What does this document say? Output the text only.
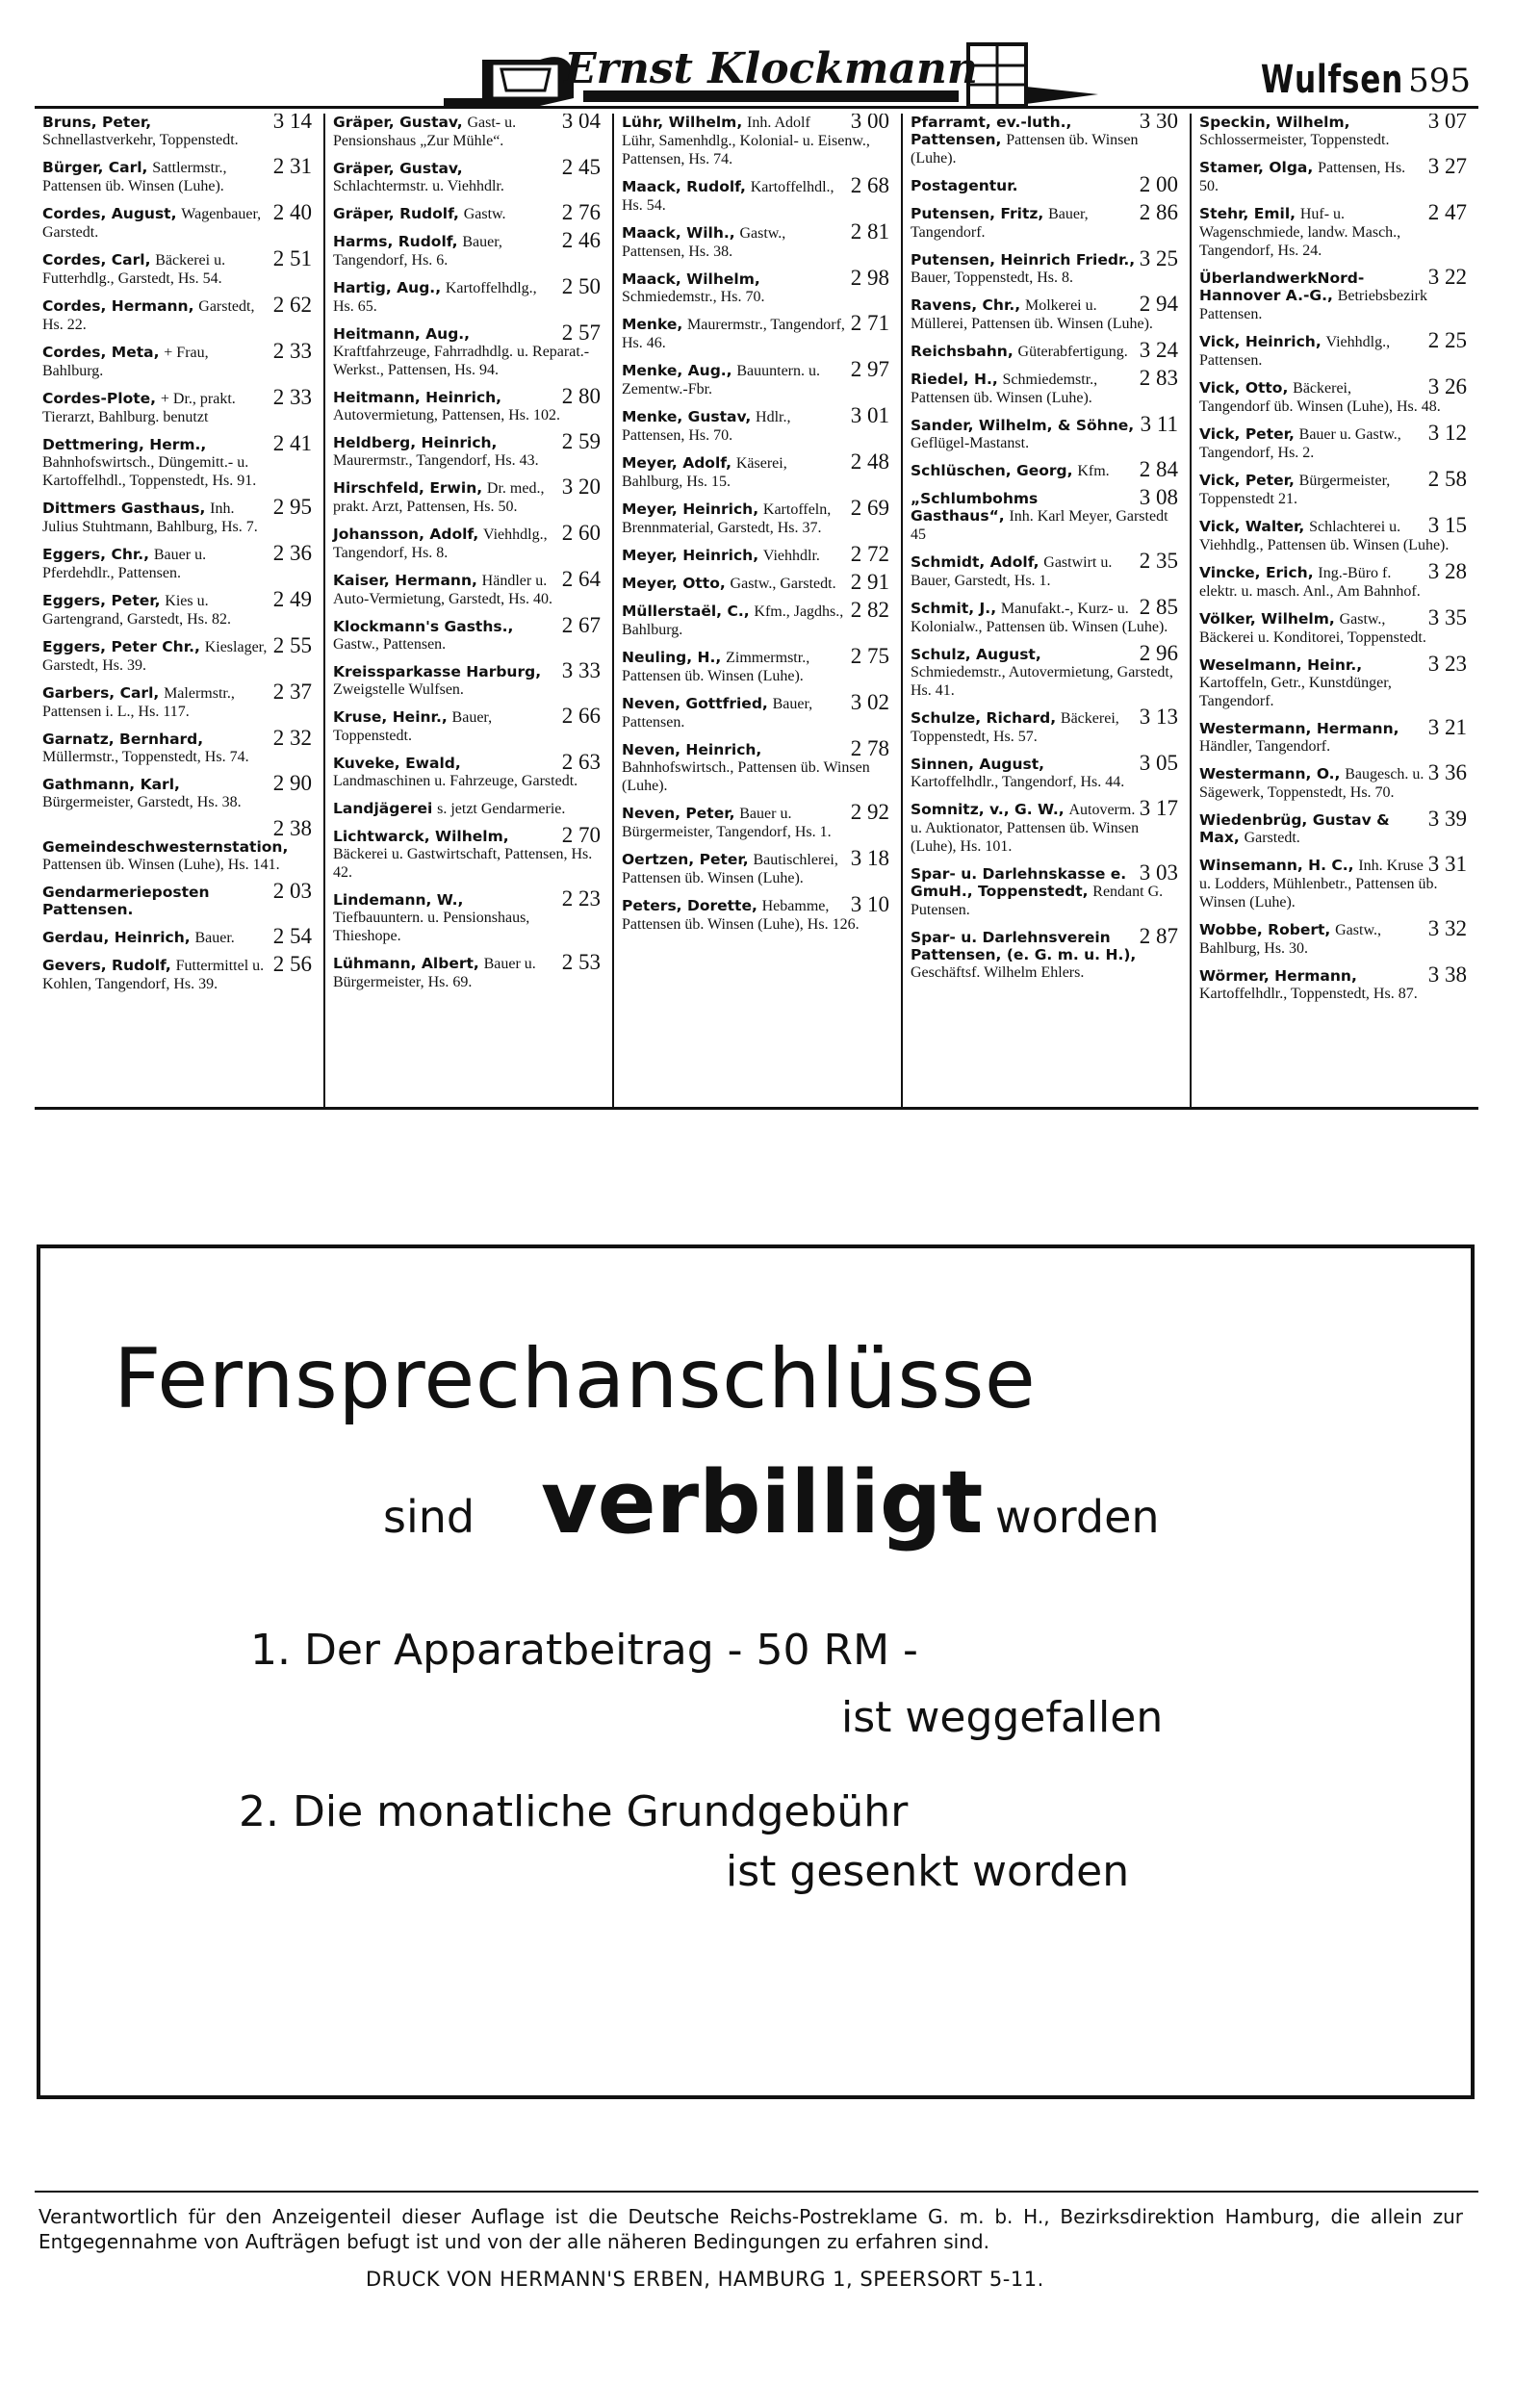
Ernst Klockmann	Wulfsen 595
3 14
Bruns, Peter, Schnellastverkehr, Toppenstedt.
2 31
Bürger, Carl, Sattlermstr., Pattensen üb. Winsen (Luhe).
2 40
Cordes, August, Wagenbauer, Garstedt.
2 51
Cordes, Carl, Bäckerei u. Futterhdlg., Garstedt, Hs. 54.
2 62
Cordes, Hermann, Garstedt, Hs. 22.
2 33
Cordes, Meta, + Frau, Bahlburg.
2 33
Cordes-Plote, + Dr., prakt. Tierarzt, Bahlburg. benutzt
2 41
Dettmering, Herm., Bahnhofswirtsch., Düngemitt.- u. Kartoffelhdl., Toppenstedt, Hs. 91.
2 95
Dittmers Gasthaus, Inh. Julius Stuhtmann, Bahlburg, Hs. 7.
2 36
Eggers, Chr., Bauer u. Pferdehdlr., Pattensen.
2 49
Eggers, Peter, Kies u. Gartengrand, Garstedt, Hs. 82.
2 55
Eggers, Peter Chr., Kieslager, Garstedt, Hs. 39.
2 37
Garbers, Carl, Malermstr., Pattensen i. L., Hs. 117.
2 32
Garnatz, Bernhard, Müllermstr., Toppenstedt, Hs. 74.
2 90
Gathmann, Karl, Bürgermeister, Garstedt, Hs. 38.
2 38
Gemeindeschwesternstation, Pattensen üb. Winsen (Luhe), Hs. 141.
2 03
Gendarmerieposten Pattensen.
2 54
Gerdau, Heinrich, Bauer.
2 56
Gevers, Rudolf, Futtermittel u. Kohlen, Tangendorf, Hs. 39.
3 04
Gräper, Gustav, Gast- u. Pensionshaus „Zur Mühle“.
2 45
Gräper, Gustav, Schlachtermstr. u. Viehhdlr.
2 76
Gräper, Rudolf, Gastw.
2 46
Harms, Rudolf, Bauer, Tangendorf, Hs. 6.
2 50
Hartig, Aug., Kartoffelhdlg., Hs. 65.
2 57
Heitmann, Aug., Kraftfahrzeuge, Fahrradhdlg. u. Reparat.-Werkst., Pattensen, Hs. 94.
2 80
Heitmann, Heinrich, Autovermietung, Pattensen, Hs. 102.
2 59
Heldberg, Heinrich, Maurermstr., Tangendorf, Hs. 43.
3 20
Hirschfeld, Erwin, Dr. med., prakt. Arzt, Pattensen, Hs. 50.
2 60
Johansson, Adolf, Viehhdlg., Tangendorf, Hs. 8.
2 64
Kaiser, Hermann, Händler u. Auto-Vermietung, Garstedt, Hs. 40.
2 67
Klockmann's Gasths., Gastw., Pattensen.
3 33
Kreissparkasse Harburg, Zweigstelle Wulfsen.
2 66
Kruse, Heinr., Bauer, Toppenstedt.
2 63
Kuveke, Ewald, Landmaschinen u. Fahrzeuge, Garstedt.
Landjägerei s. jetzt Gendarmerie.
2 70
Lichtwarck, Wilhelm, Bäckerei u. Gastwirtschaft, Pattensen, Hs. 42.
2 23
Lindemann, W., Tiefbauuntern. u. Pensionshaus, Thieshope.
2 53
Lühmann, Albert, Bauer u. Bürgermeister, Hs. 69.
3 00
Lühr, Wilhelm, Inh. Adolf Lühr, Samenhdlg., Kolonial- u. Eisenw., Pattensen, Hs. 74.
2 68
Maack, Rudolf, Kartoffelhdl., Hs. 54.
2 81
Maack, Wilh., Gastw., Pattensen, Hs. 38.
2 98
Maack, Wilhelm, Schmiedemstr., Hs. 70.
2 71
Menke, Maurermstr., Tangendorf, Hs. 46.
2 97
Menke, Aug., Bauuntern. u. Zementw.-Fbr.
3 01
Menke, Gustav, Hdlr., Pattensen, Hs. 70.
2 48
Meyer, Adolf, Käserei, Bahlburg, Hs. 15.
2 69
Meyer, Heinrich, Kartoffeln, Brennmaterial, Garstedt, Hs. 37.
2 72
Meyer, Heinrich, Viehhdlr.
2 91
Meyer, Otto, Gastw., Garstedt.
2 82
Müllerstaël, C., Kfm., Jagdhs., Bahlburg.
2 75
Neuling, H., Zimmermstr., Pattensen üb. Winsen (Luhe).
3 02
Neven, Gottfried, Bauer, Pattensen.
2 78
Neven, Heinrich, Bahnhofswirtsch., Pattensen üb. Winsen (Luhe).
2 92
Neven, Peter, Bauer u. Bürgermeister, Tangendorf, Hs. 1.
3 18
Oertzen, Peter, Bautischlerei, Pattensen üb. Winsen (Luhe).
3 10
Peters, Dorette, Hebamme, Pattensen üb. Winsen (Luhe), Hs. 126.
3 30
Pfarramt, ev.-luth., Pattensen, Pattensen üb. Winsen (Luhe).
2 00
Postagentur.
2 86
Putensen, Fritz, Bauer, Tangendorf.
3 25
Putensen, Heinrich Friedr., Bauer, Toppenstedt, Hs. 8.
2 94
Ravens, Chr., Molkerei u. Müllerei, Pattensen üb. Winsen (Luhe).
3 24
Reichsbahn, Güterabfertigung.
2 83
Riedel, H., Schmiedemstr., Pattensen üb. Winsen (Luhe).
3 11
Sander, Wilhelm, & Söhne, Geflügel-Mastanst.
2 84
Schlüschen, Georg, Kfm.
3 08
„Schlumbohms Gasthaus“, Inh. Karl Meyer, Garstedt 45
2 35
Schmidt, Adolf, Gastwirt u. Bauer, Garstedt, Hs. 1.
2 85
Schmit, J., Manufakt.-, Kurz- u. Kolonialw., Pattensen üb. Winsen (Luhe).
2 96
Schulz, August, Schmiedemstr., Autovermietung, Garstedt, Hs. 41.
3 13
Schulze, Richard, Bäckerei, Toppenstedt, Hs. 57.
3 05
Sinnen, August, Kartoffelhdlr., Tangendorf, Hs. 44.
3 17
Somnitz, v., G. W., Autoverm. u. Auktionator, Pattensen üb. Winsen (Luhe), Hs. 101.
3 03
Spar- u. Darlehnskasse e. GmuH., Toppenstedt, Rendant G. Putensen.
2 87
Spar- u. Darlehnsverein Pattensen, (e. G. m. u. H.), Geschäftsf. Wilhelm Ehlers.
3 07
Speckin, Wilhelm, Schlossermeister, Toppenstedt.
3 27
Stamer, Olga, Pattensen, Hs. 50.
2 47
Stehr, Emil, Huf- u. Wagenschmiede, landw. Masch., Tangendorf, Hs. 24.
3 22
ÜberlandwerkNord-Hannover A.-G., Betriebsbezirk Pattensen.
2 25
Vick, Heinrich, Viehhdlg., Pattensen.
3 26
Vick, Otto, Bäckerei, Tangendorf üb. Winsen (Luhe), Hs. 48.
3 12
Vick, Peter, Bauer u. Gastw., Tangendorf, Hs. 2.
2 58
Vick, Peter, Bürgermeister, Toppenstedt 21.
3 15
Vick, Walter, Schlachterei u. Viehhdlg., Pattensen üb. Winsen (Luhe).
3 28
Vincke, Erich, Ing.-Büro f. elektr. u. masch. Anl., Am Bahnhof.
3 35
Völker, Wilhelm, Gastw., Bäckerei u. Konditorei, Toppenstedt.
3 23
Weselmann, Heinr., Kartoffeln, Getr., Kunstdünger, Tangendorf.
3 21
Westermann, Hermann, Händler, Tangendorf.
3 36
Westermann, O., Baugesch. u. Sägewerk, Toppenstedt, Hs. 70.
3 39
Wiedenbrüg, Gustav & Max, Garstedt.
3 31
Winsemann, H. C., Inh. Kruse u. Lodders, Mühlenbetr., Pattensen üb. Winsen (Luhe).
3 32
Wobbe, Robert, Gastw., Bahlburg, Hs. 30.
3 38
Wörmer, Hermann, Kartoffelhdlr., Toppenstedt, Hs. 87.
Fernsprechanschlüsse
sind verbilligt worden
1. Der Apparatbeitrag - 50 RM -
ist weggefallen
2. Die monatliche Grundgebühr
ist gesenkt worden
Verantwortlich für den Anzeigenteil dieser Auflage ist die Deutsche Reichs-Postreklame G. m. b. H., Bezirksdirektion Hamburg, die allein zur Entgegennahme von Aufträgen befugt ist und von der alle näheren Bedingungen zu erfahren sind.
DRUCK VON HERMANN'S ERBEN, HAMBURG 1, SPEERSORT 5-11.
